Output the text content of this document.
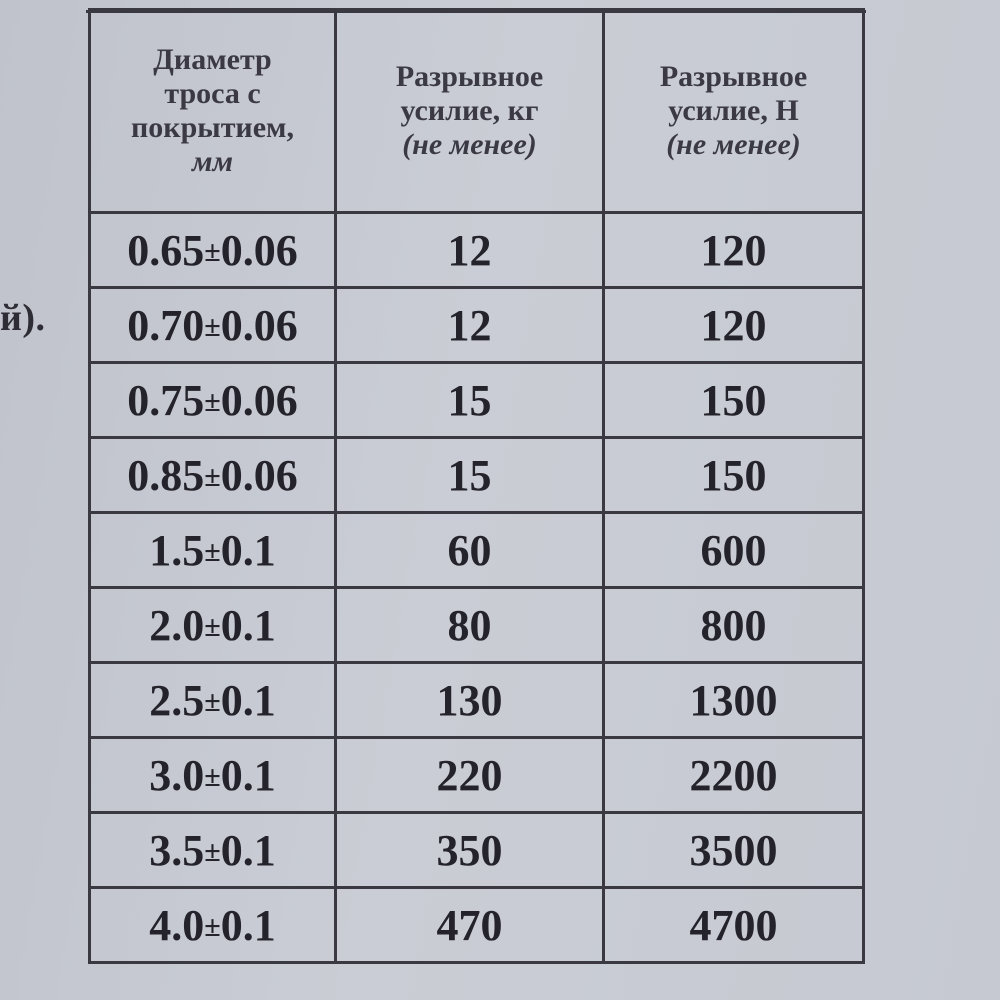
й).
Диаметр
троса с
покрытием,
мм	Разрывное
усилие, кг
(не менее)	Разрывное
усилие, Н
(не менее)

0.65±0.06	12	120
0.70±0.06	12	120
0.75±0.06	15	150
0.85±0.06	15	150
1.5±0.1	60	600
2.0±0.1	80	800
2.5±0.1	130	1300
3.0±0.1	220	2200
3.5±0.1	350	3500
4.0±0.1	470	4700
